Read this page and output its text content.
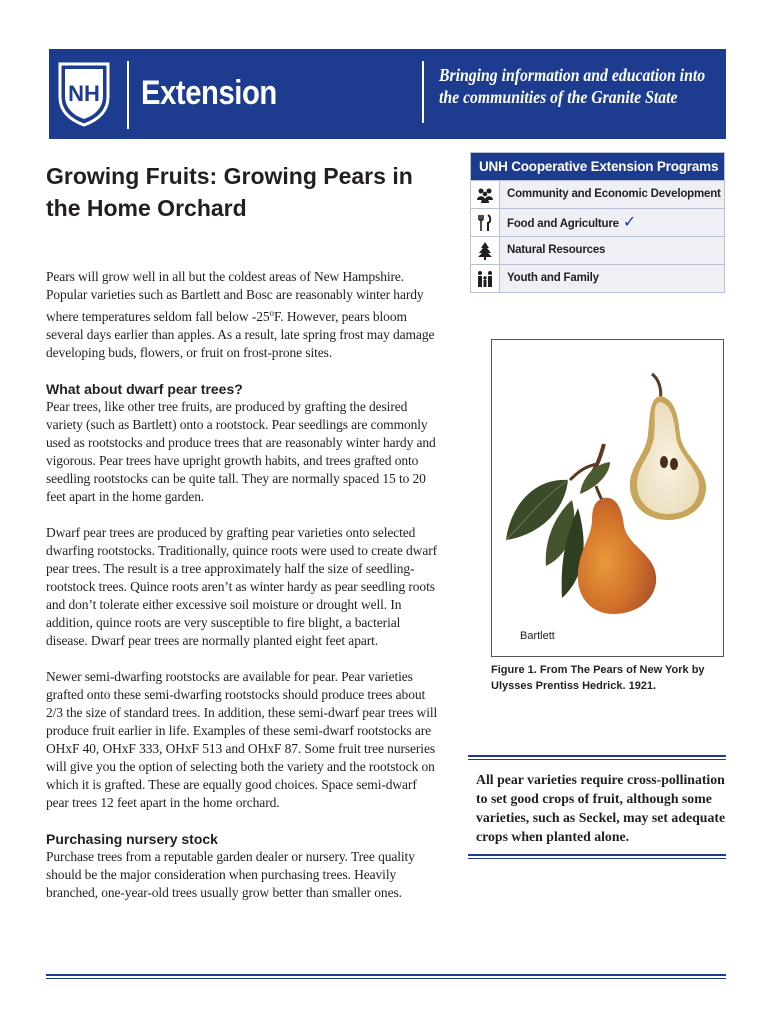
NH Extension	Bringing information and education into
the communities of the Granite State
Growing Fruits: Growing Pears in the Home Orchard
UNH Cooperative Extension Programs
Community and Economic Development
Food and Agriculture ✓
Natural Resources
Youth and Family

Pears will grow well in all but the coldest areas of New Hampshire. Popular varieties such as Bartlett and Bosc are reasonably winter hardy where temperatures seldom fall below -25$^o$F. However, pears bloom several days earlier than apples. As a result, late spring frost may damage developing buds, flowers, or fruit on frost-prone sites.

What about dwarf pear trees?

Pear trees, like other tree fruits, are produced by grafting the desired variety (such as Bartlett) onto a rootstock. Pear seedlings are commonly used as rootstocks and produce trees that are reasonably winter hardy and vigorous. Pear trees have upright growth habits, and trees grafted onto seedling rootstocks can be quite tall. They are normally spaced 15 to 20 feet apart in the home garden.

Dwarf pear trees are produced by grafting pear varieties onto selected dwarfing rootstocks. Traditionally, quince roots were used to create dwarf pear trees. The result is a tree approximately half the size of seedling-rootstock trees. Quince roots aren’t as winter hardy as pear seedling roots and don’t tolerate either excessive soil moisture or drought well. In addition, quince roots are very susceptible to fire blight, a bacterial disease. Dwarf pear trees are normally planted eight feet apart.

Newer semi-dwarfing rootstocks are available for pear. Pear varieties grafted onto these semi-dwarfing rootstocks should produce trees about 2/3 the size of standard trees. In addition, these semi-dwarf pear trees will produce fruit earlier in life. Examples of these semi-dwarf rootstocks are OHxF 40, OHxF 333, OHxF 513 and OHxF 87. Some fruit tree nurseries will give you the option of selecting both the variety and the rootstock on which it is grafted. These are equally good choices. Space semi-dwarf pear trees 12 feet apart in the home orchard.

Purchasing nursery stock

Purchase trees from a reputable garden dealer or nursery. Tree quality should be the major consideration when purchasing trees. Heavily branched, one-year-old trees usually grow better than smaller ones.

Bartlett
Figure 1. From The Pears of New York by Ulysses Prentiss Hedrick. 1921.
All pear varieties require cross-pollination to set good crops of fruit, although some varieties, such as Seckel, may set adequate crops when planted alone.
